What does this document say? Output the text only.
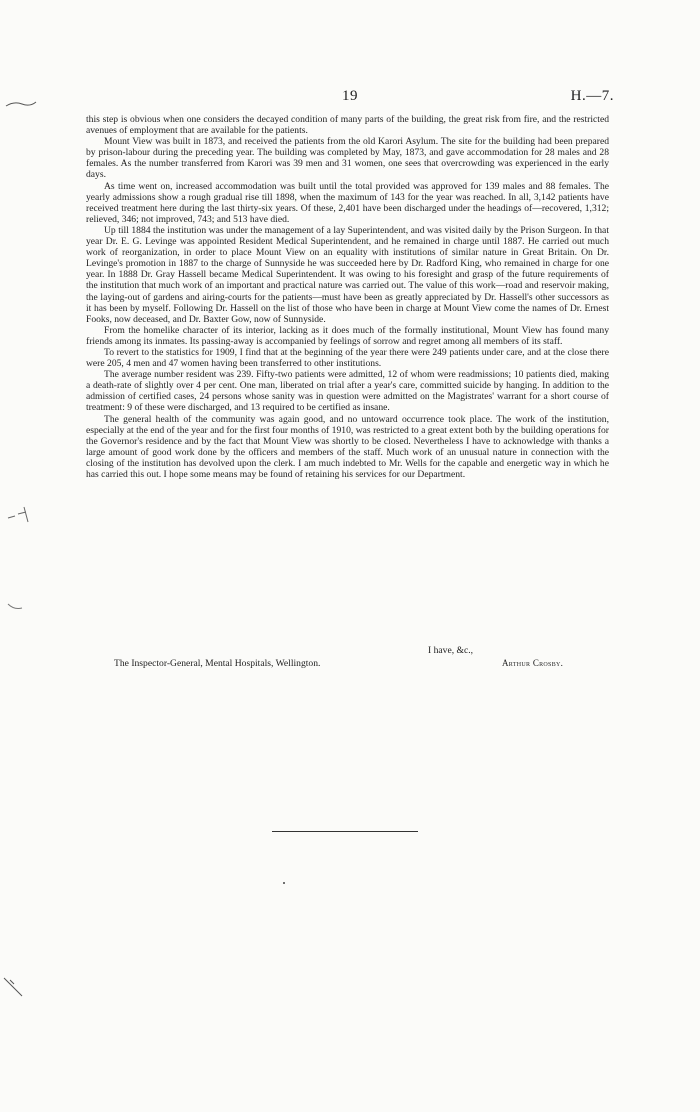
19	H.—7.

this step is obvious when one considers the decayed condition of many parts of the building, the great risk from fire, and the restricted avenues of employment that are available for the patients.

Mount View was built in 1873, and received the patients from the old Karori Asylum. The site for the building had been prepared by prison-labour during the preceding year. The building was completed by May, 1873, and gave accommodation for 28 males and 28 females. As the number transferred from Karori was 39 men and 31 women, one sees that overcrowding was experienced in the early days.

As time went on, increased accommodation was built until the total provided was approved for 139 males and 88 females. The yearly admissions show a rough gradual rise till 1898, when the maximum of 143 for the year was reached. In all, 3,142 patients have received treatment here during the last thirty-six years. Of these, 2,401 have been discharged under the headings of—recovered, 1,312; relieved, 346; not improved, 743; and 513 have died.

Up till 1884 the institution was under the management of a lay Superintendent, and was visited daily by the Prison Surgeon. In that year Dr. E. G. Levinge was appointed Resident Medical Superintendent, and he remained in charge until 1887. He carried out much work of reorganization, in order to place Mount View on an equality with institutions of similar nature in Great Britain. On Dr. Levinge's promotion in 1887 to the charge of Sunnyside he was succeeded here by Dr. Radford King, who remained in charge for one year. In 1888 Dr. Gray Hassell became Medical Superintendent. It was owing to his foresight and grasp of the future requirements of the institution that much work of an important and practical nature was carried out. The value of this work—road and reservoir making, the laying-out of gardens and airing-courts for the patients—must have been as greatly appreciated by Dr. Hassell's other successors as it has been by myself. Following Dr. Hassell on the list of those who have been in charge at Mount View come the names of Dr. Ernest Fooks, now deceased, and Dr. Baxter Gow, now of Sunnyside.

From the homelike character of its interior, lacking as it does much of the formally institutional, Mount View has found many friends among its inmates. Its passing-away is accompanied by feelings of sorrow and regret among all members of its staff.

To revert to the statistics for 1909, I find that at the beginning of the year there were 249 patients under care, and at the close there were 205, 4 men and 47 women having been transferred to other institutions.

The average number resident was 239. Fifty-two patients were admitted, 12 of whom were readmissions; 10 patients died, making a death-rate of slightly over 4 per cent. One man, liberated on trial after a year's care, committed suicide by hanging. In addition to the admission of certified cases, 24 persons whose sanity was in question were admitted on the Magistrates' warrant for a short course of treatment: 9 of these were discharged, and 13 required to be certified as insane.

The general health of the community was again good, and no untoward occurrence took place. The work of the institution, especially at the end of the year and for the first four months of 1910, was restricted to a great extent both by the building operations for the Governor's residence and by the fact that Mount View was shortly to be closed. Nevertheless I have to acknowledge with thanks a large amount of good work done by the officers and members of the staff. Much work of an unusual nature in connection with the closing of the institution has devolved upon the clerk. I am much indebted to Mr. Wells for the capable and energetic way in which he has carried this out. I hope some means may be found of retaining his services for our Department.

I have, &c.,
The Inspector-General, Mental Hospitals, Wellington.	Arthur Crosby.
